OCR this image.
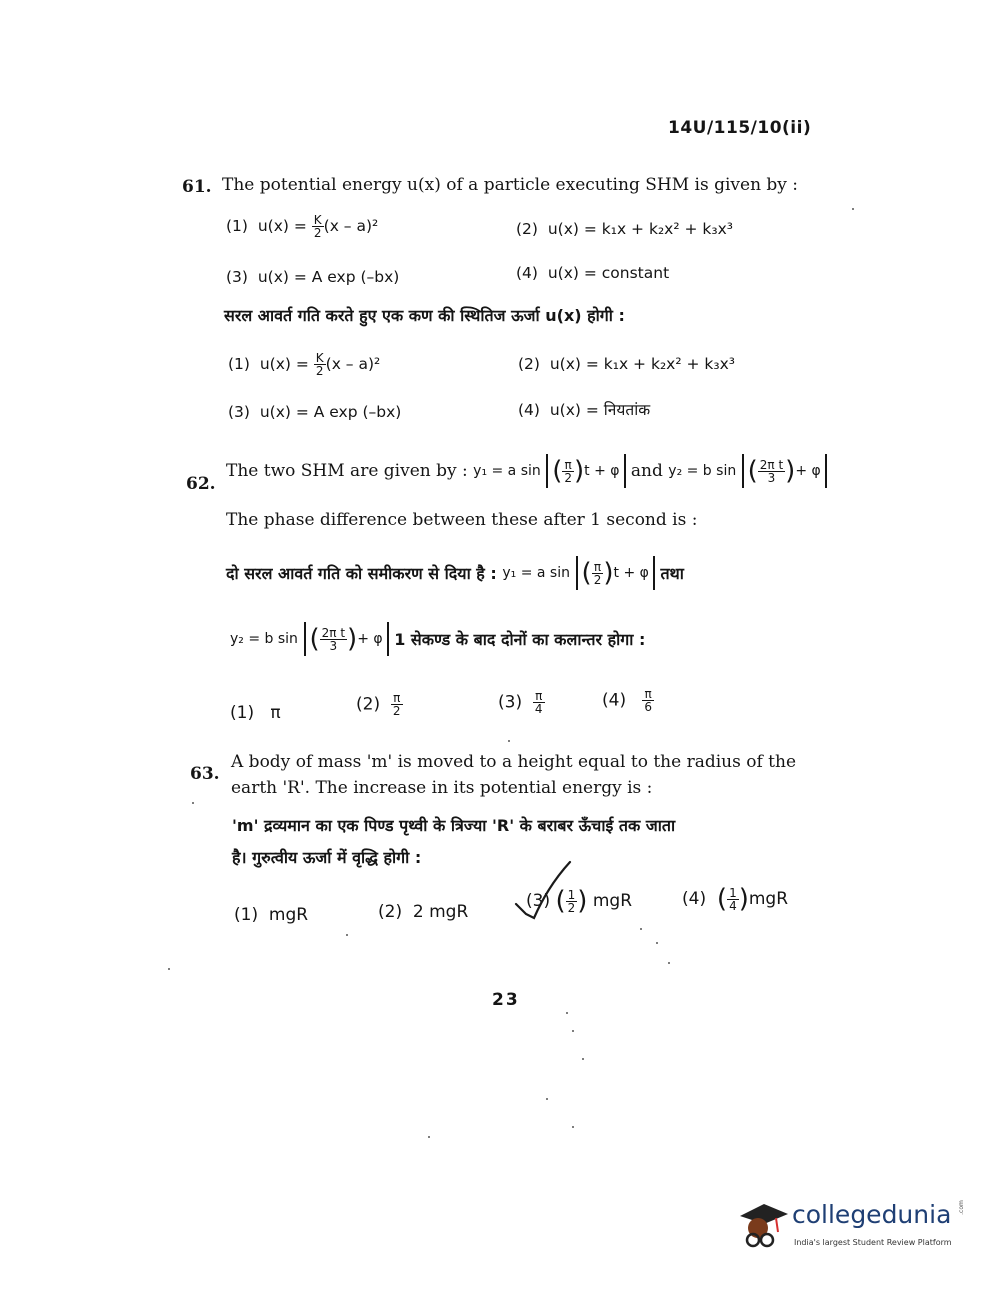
14U/115/10(ii)
61. The potential energy u(x) of a particle executing SHM is given by :
(1) $u(x) = \frac{K}{2} (x - a)^2$	(2) u(x) = k₁x + k₂x² + k₃x³
(3) u(x) = A exp (–bx)	(4) u(x) = constant
सरल आवर्त गति करते हुए एक कण की स्थितिज ऊर्जा u(x) होगी :
(1) $u(x) = \frac{K}{2} (x - a)^2$	(2) u(x) = k₁x + k₂x² + k₃x³
(3) u(x) = A exp (–bx)	(4) u(x) = नियतांक
62.
The two SHM are given by : y₁ = a sin ( $\frac{\pi}{2} )t + \varphi$ and y₂ = b sin ( $\frac{\text{2π t}}{3}$ )+ φ
The phase difference between these after 1 second is :
दो सरल आवर्त गति को समीकरण से दिया है : y₁ = a sin ( $\frac{\pi}{2} )t + \varphi$ तथा
y₂ = b sin ( $\frac{\text{2π t}}{3}$ )+ φ 1 सेकण्ड के बाद दोनों का कलान्तर होगा :
(1) π	$(2) \frac{\pi}{2}$	$(3) \frac{\pi}{4}$	$(4) \frac{\pi}{6}$
63.
A body of mass 'm' is moved to a height equal to the radius of the
earth 'R'. The increase in its potential energy is :
'm' द्रव्यमान का एक पिण्ड पृथ्वी के त्रिज्या 'R' के बराबर ऊँचाई तक जाता
है। गुरुत्वीय ऊर्जा में वृद्धि होगी :
(1) mgR	(2) 2 mgR
(3) ( $\frac{1}{2}$ ) mgR	(4) ( $\frac{1}{4} )mgR$
23
collegedunia .com
India's largest Student Review Platform
